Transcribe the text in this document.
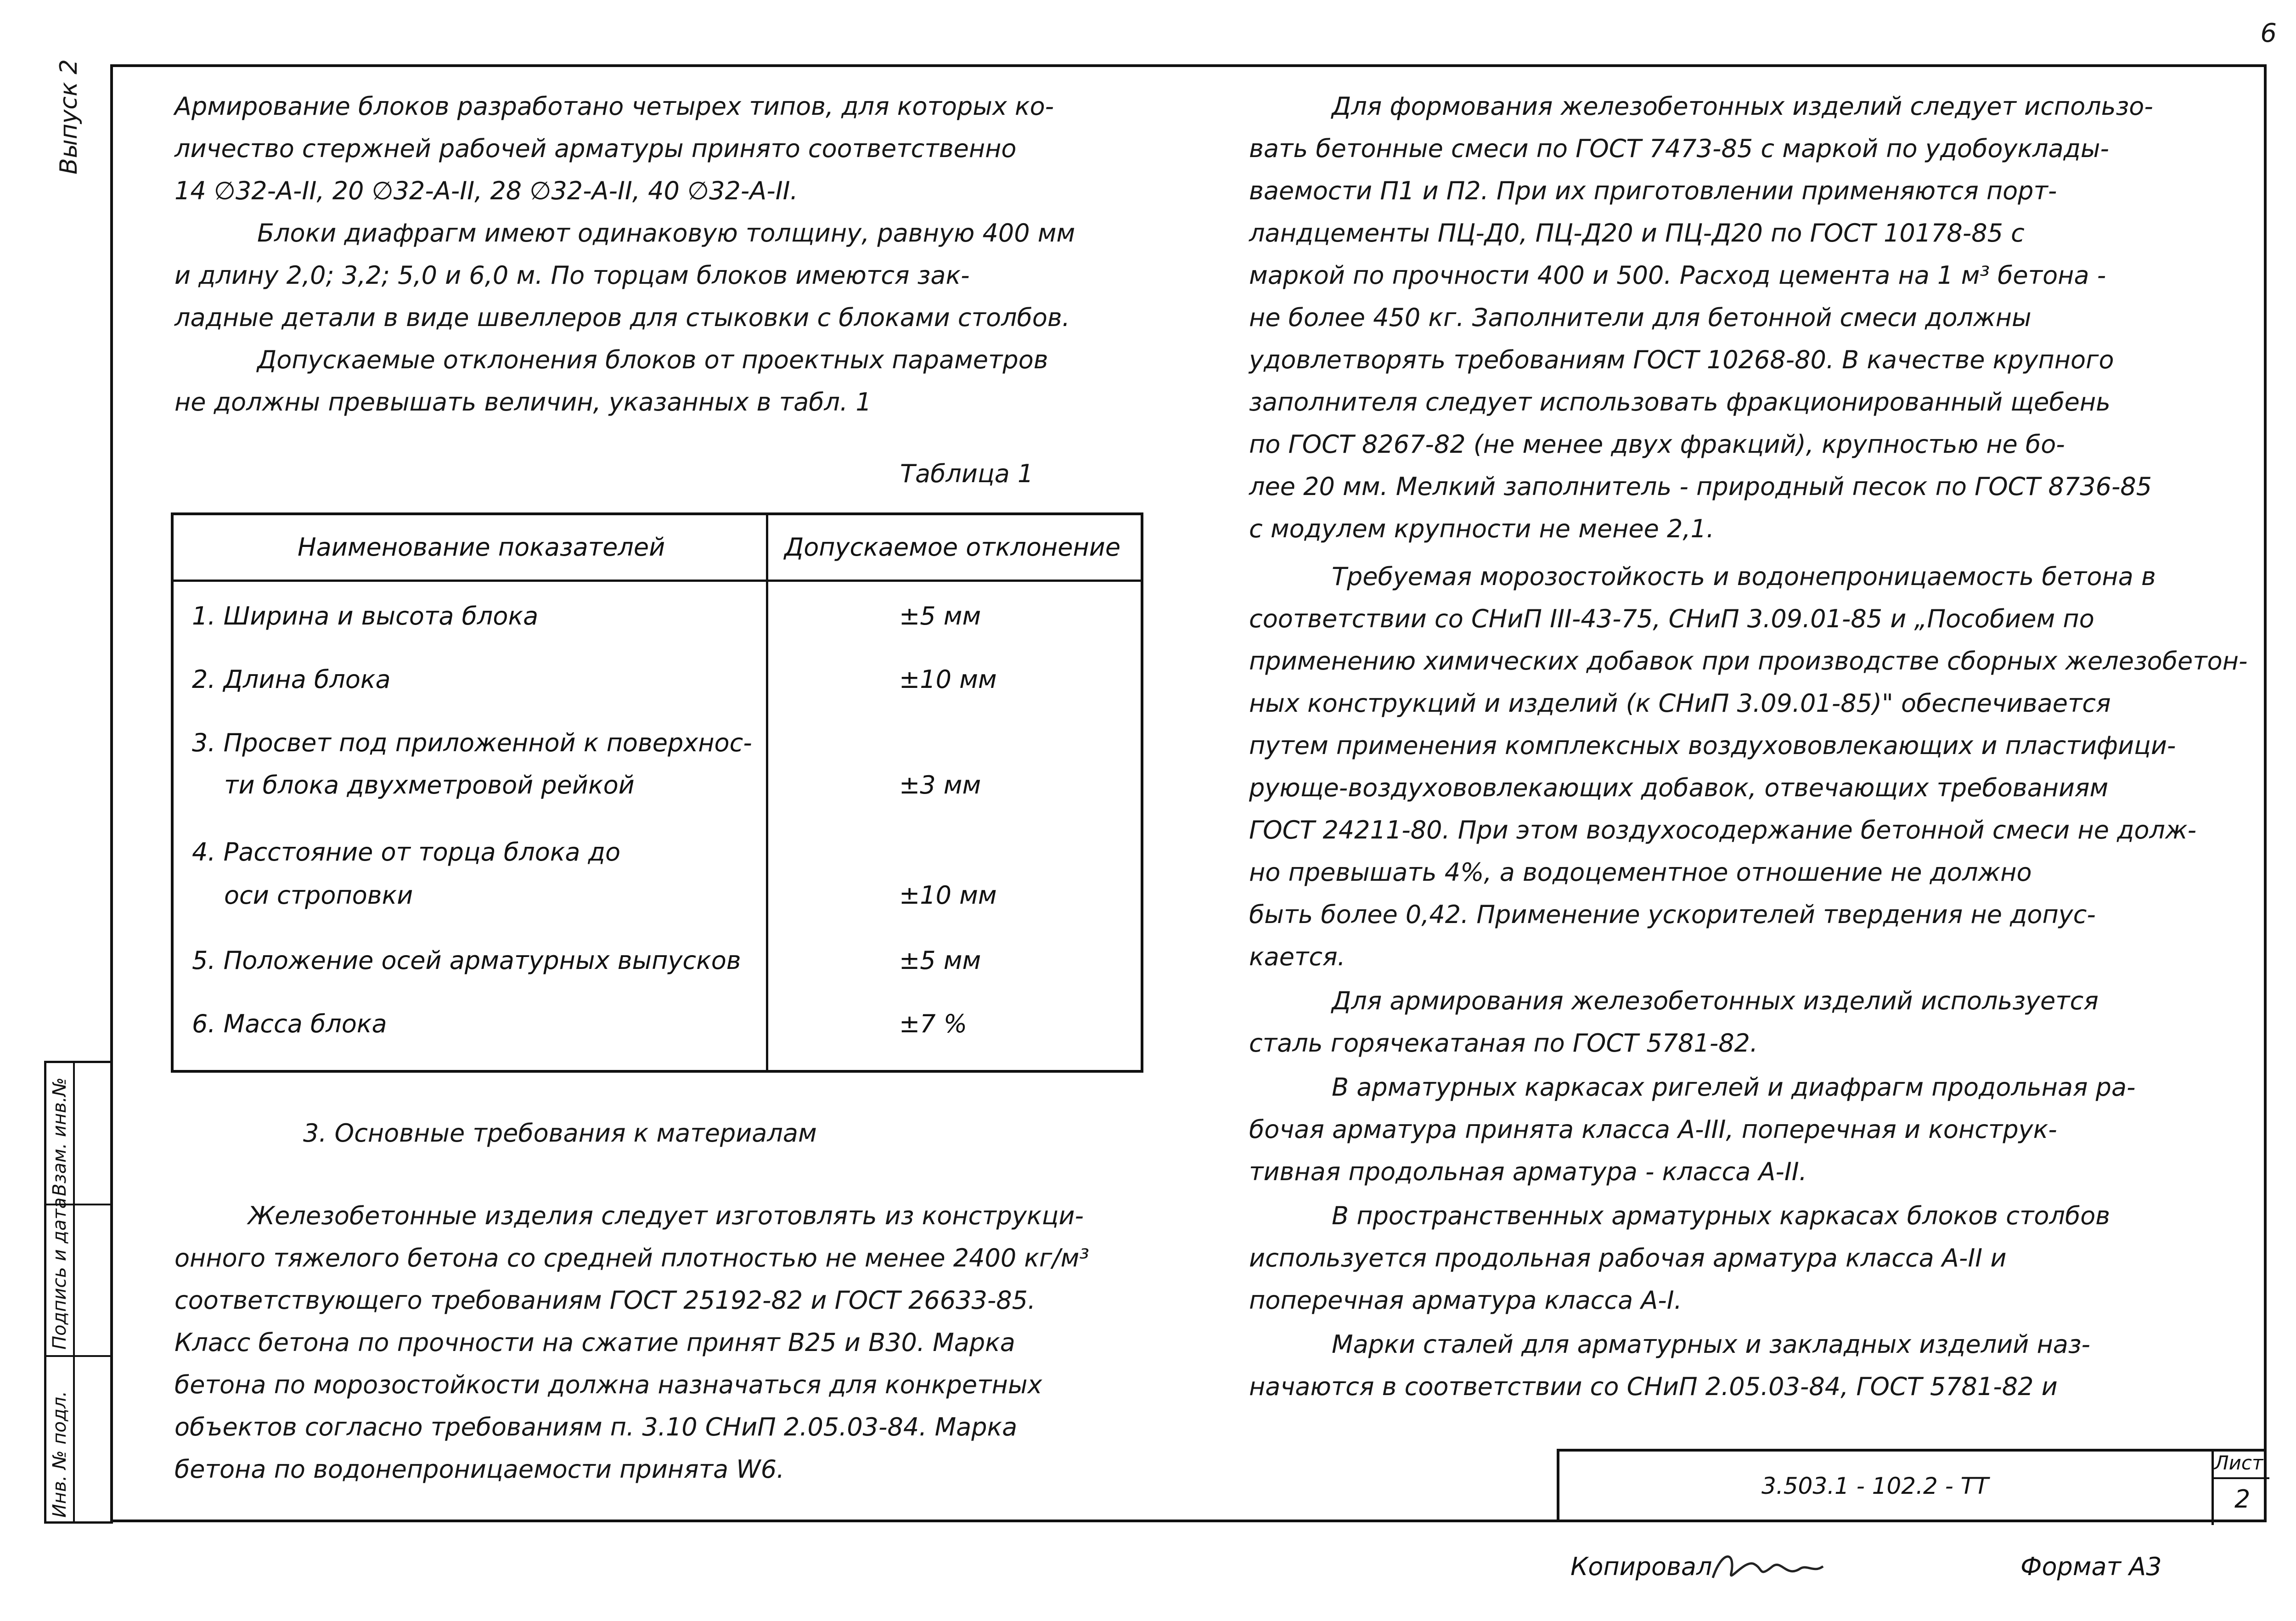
6
Выпуск 2
Взам. инв.№
Подпись и дата
Инв. № подл.

Армирование блоков разработано четырех типов, для которых ко-

личество стержней рабочей арматуры принято соответственно

14 ∅32-А-II, 20 ∅32-А-II, 28 ∅32-А-II, 40 ∅32-А-II.

Блоки диафрагм имеют одинаковую толщину, равную 400 мм

и длину 2,0; 3,2; 5,0 и 6,0 м. По торцам блоков имеются зак-

ладные детали в виде швеллеров для стыковки с блоками столбов.

Допускаемые отклонения блоков от проектных параметров

не должны превышать величин, указанных в табл. 1

Таблица 1

Наименование показателей	Допускаемое отклонение
1. Ширина и высота блока	±5 мм
2. Длина блока	±10 мм
3. Просвет под приложенной к поверхнос-
ти блока двухметровой рейкой	±3 мм
4. Расстояние от торца блока до
оси строповки	±10 мм
5. Положение осей арматурных выпусков	±5 мм
6. Масса блока	±7 %

3. Основные требования к материалам

Железобетонные изделия следует изготовлять из конструкци-

онного тяжелого бетона со средней плотностью не менее 2400 кг/м³

соответствующего требованиям ГОСТ 25192-82 и ГОСТ 26633-85.

Класс бетона по прочности на сжатие принят В25 и В30. Марка

бетона по морозостойкости должна назначаться для конкретных

объектов согласно требованиям п. 3.10 СНиП 2.05.03-84. Марка

бетона по водонепроницаемости принята W6.

Для формования железобетонных изделий следует использо-

вать бетонные смеси по ГОСТ 7473-85 с маркой по удобоуклады-

ваемости П1 и П2. При их приготовлении применяются порт-

ландцементы ПЦ-Д0, ПЦ-Д20 и ПЦ-Д20 по ГОСТ 10178-85 с

маркой по прочности 400 и 500. Расход цемента на 1 м³ бетона -

не более 450 кг. Заполнители для бетонной смеси должны

удовлетворять требованиям ГОСТ 10268-80. В качестве крупного

заполнителя следует использовать фракционированный щебень

по ГОСТ 8267-82 (не менее двух фракций), крупностью не бо-

лее 20 мм. Мелкий заполнитель - природный песок по ГОСТ 8736-85

с модулем крупности не менее 2,1.

Требуемая морозостойкость и водонепроницаемость бетона в

соответствии со СНиП III-43-75, СНиП 3.09.01-85 и „Пособием по

применению химических добавок при производстве сборных железобетон-

ных конструкций и изделий (к СНиП 3.09.01-85)" обеспечивается

путем применения комплексных воздухововлекающих и пластифици-

рующе-воздухововлекающих добавок, отвечающих требованиям

ГОСТ 24211-80. При этом воздухосодержание бетонной смеси не долж-

но превышать 4%, а водоцементное отношение не должно

быть более 0,42. Применение ускорителей твердения не допус-

кается.

Для армирования железобетонных изделий используется

сталь горячекатаная по ГОСТ 5781-82.

В арматурных каркасах ригелей и диафрагм продольная ра-

бочая арматура принята класса А-III, поперечная и конструк-

тивная продольная арматура - класса А-II.

В пространственных арматурных каркасах блоков столбов

используется продольная рабочая арматура класса А-II и

поперечная арматура класса А-I.

Марки сталей для арматурных и закладных изделий наз-

начаются в соответствии со СНиП 2.05.03-84, ГОСТ 5781-82 и

3.503.1 - 102.2 - ТТ
Лист
2
Копировал	Формат А3
